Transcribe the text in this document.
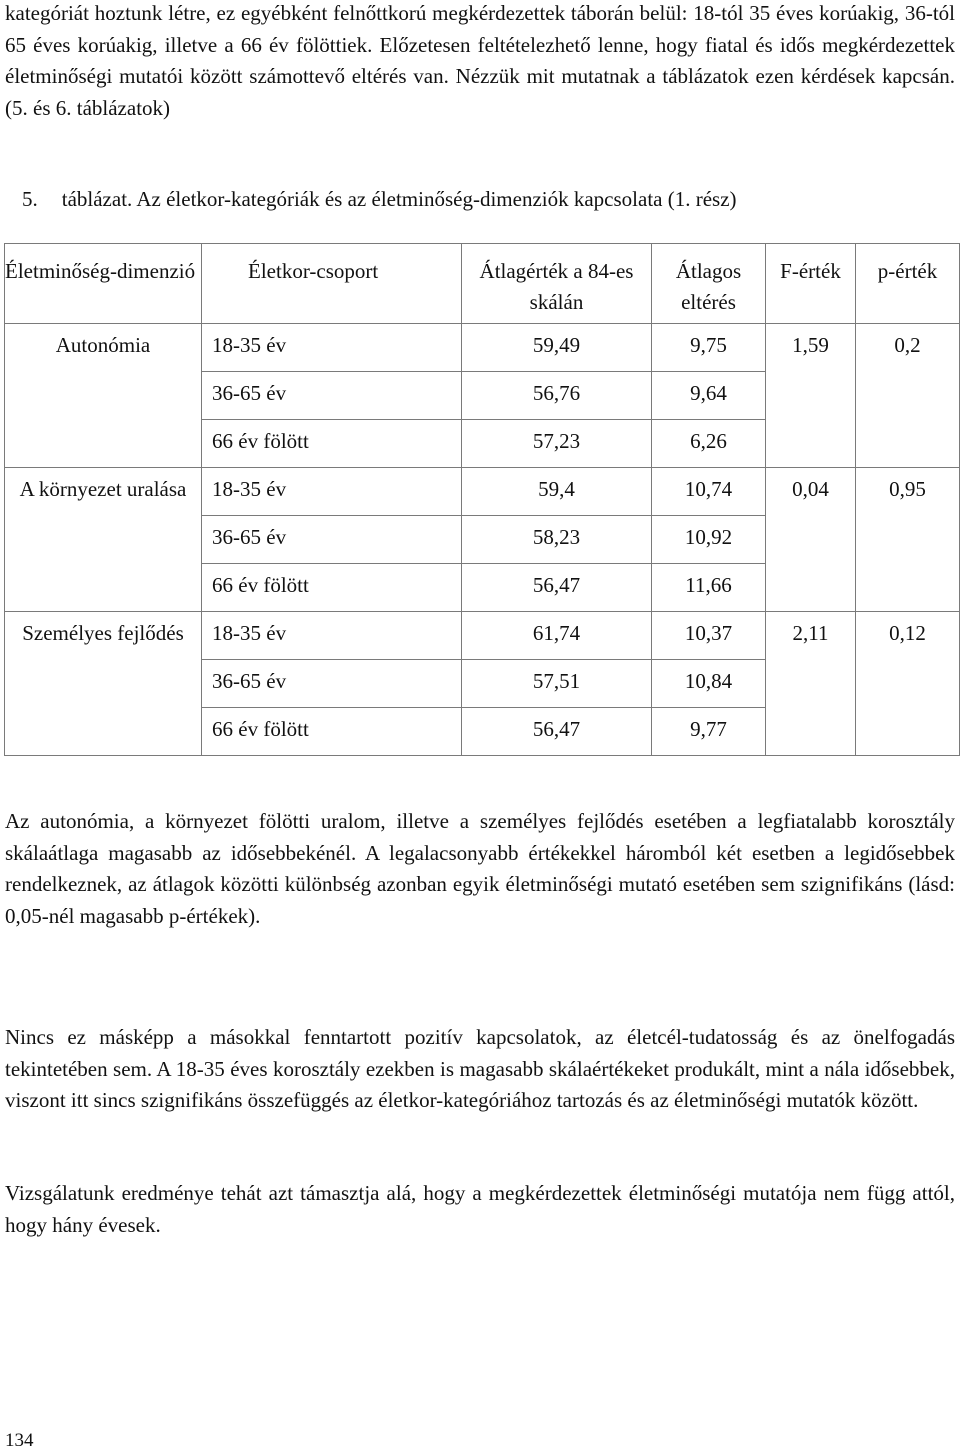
kategóriát hoztunk létre, ez egyébként felnőttkorú megkérdezettek táborán belül: 18-tól 35 éves korúakig, 36-tól 65 éves korúakig, illetve a 66 év fölöttiek. Előzetesen feltételezhető lenne, hogy fiatal és idős megkérdezettek életminőségi mutatói között számottevő eltérés van. Nézzük mit mutatnak a táblázatok ezen kérdések kapcsán. (5. és 6. táblázatok)

5. táblázat. Az életkor-kategóriák és az életminőség-dimenziók kapcsolata (1. rész)

Életminőség-dimenzió	Életkor-csoport	Átlagérték a 84-es skálán	Átlagos eltérés	F-érték	p-érték
Autonómia	18-35 év	59,49	9,75	1,59	0,2
	36-65 év	56,76	9,64		
	66 év fölött	57,23	6,26		
A környezet uralása	18-35 év	59,4	10,74	0,04	0,95
	36-65 év	58,23	10,92		
	66 év fölött	56,47	11,66		
Személyes fejlődés	18-35 év	61,74	10,37	2,11	0,12
	36-65 év	57,51	10,84		
	66 év fölött	56,47	9,77		

Az autonómia, a környezet fölötti uralom, illetve a személyes fejlődés esetében a legfiatalabb korosztály skálaátlaga magasabb az idősebbekénél. A legalacsonyabb értékekkel háromból két esetben a legidősebbek rendelkeznek, az átlagok közötti különbség azonban egyik életminőségi mutató esetében sem szignifikáns (lásd: 0,05-nél magasabb p-értékek).

Nincs ez másképp a másokkal fenntartott pozitív kapcsolatok, az életcél-tudatosság és az önelfogadás tekintetében sem. A 18-35 éves korosztály ezekben is magasabb skálaértékeket produkált, mint a nála idősebbek, viszont itt sincs szignifikáns összefüggés az életkor-kategóriához tartozás és az életminőségi mutatók között.

Vizsgálatunk eredménye tehát azt támasztja alá, hogy a megkérdezettek életminőségi mutatója nem függ attól, hogy hány évesek.

134
